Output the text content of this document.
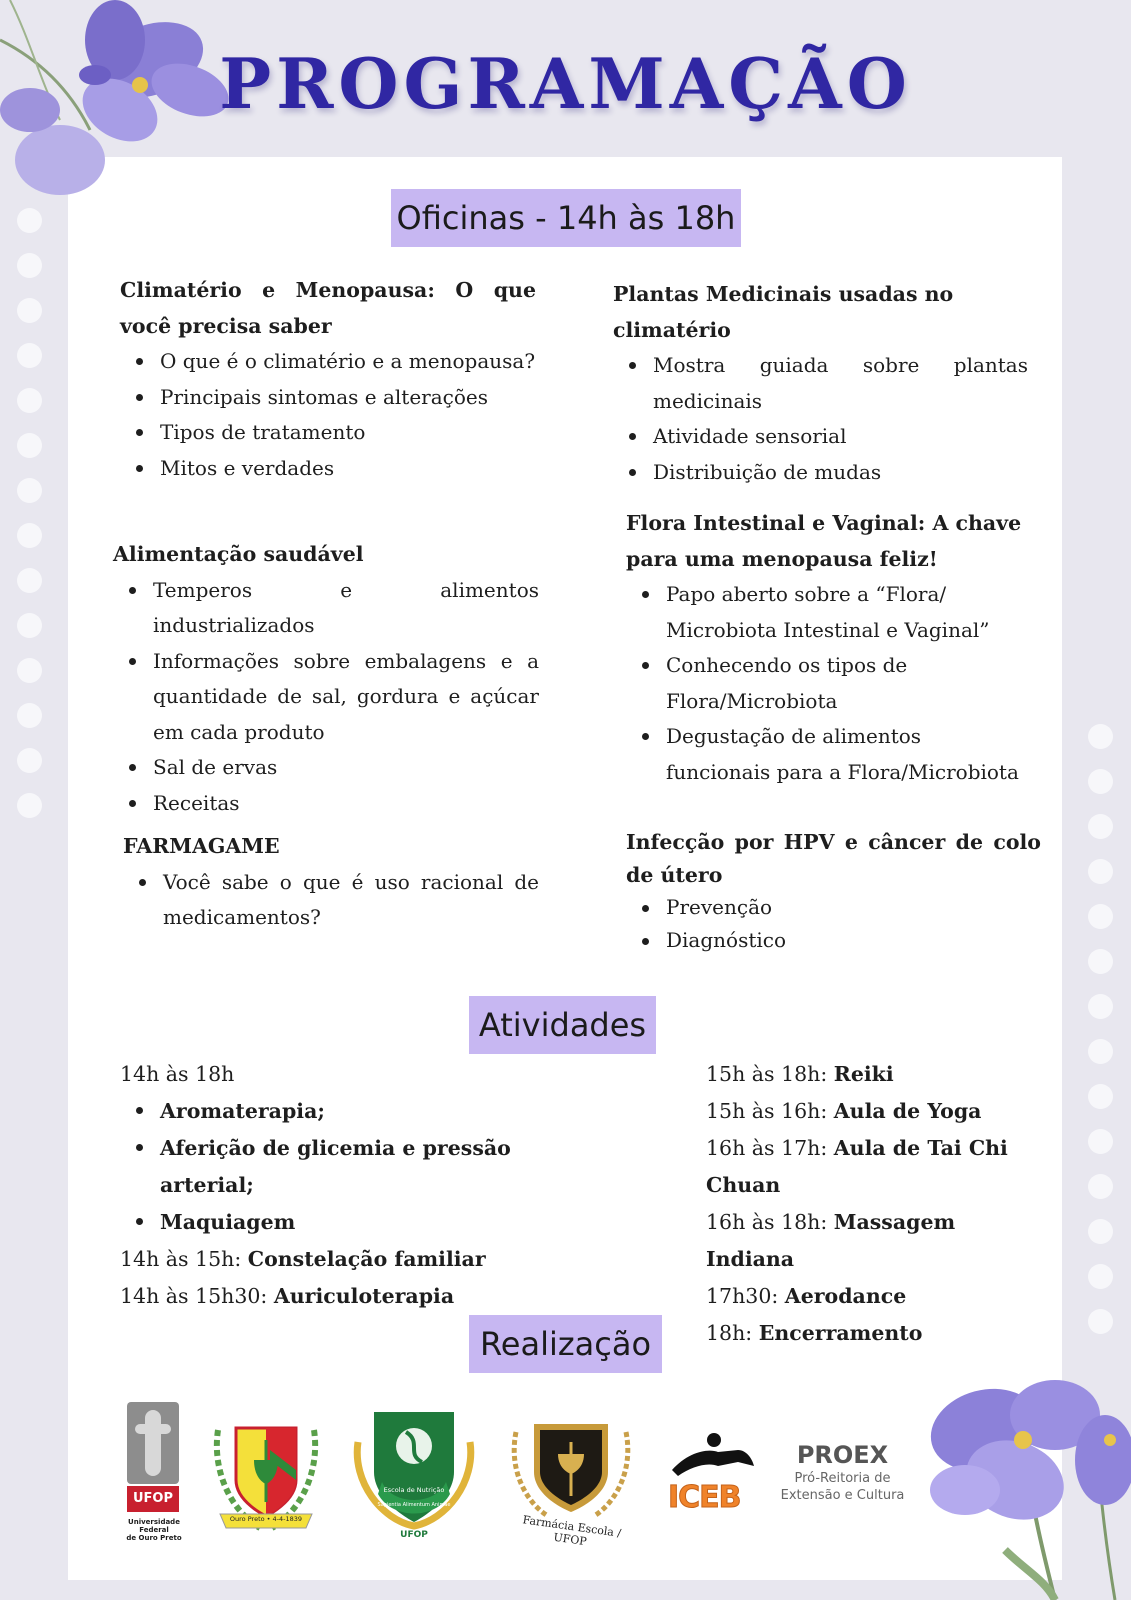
PROGRAMAÇÃO
Oficinas - 14h às 18h
Climatério e Menopausa: O que você precisa saber
O que é o climatério e a menopausa?
Principais sintomas e alterações
Tipos de tratamento
Mitos e verdades
Alimentação saudável
Temperos e alimentos industrializados
Informações sobre embalagens e a quantidade de sal, gordura e açúcar em cada produto
Sal de ervas
Receitas
FARMAGAME
Você sabe o que é uso racional de medicamentos?
Plantas Medicinais usadas no climatério
Mostra guiada sobre plantas medicinais
Atividade sensorial
Distribuição de mudas
Flora Intestinal e Vaginal: A chave para uma menopausa feliz!
Papo aberto sobre a “Flora/ Microbiota Intestinal e Vaginal”
Conhecendo os tipos de Flora/Microbiota
Degustação de alimentos funcionais para a Flora/Microbiota
Infecção por HPV e câncer de colo de útero
Prevenção
Diagnóstico
Atividades
14h às 18h
Aromaterapia;
Aferição de glicemia e pressão arterial;
Maquiagem
14h às 15h: Constelação familiar
14h às 15h30: Auriculoterapia
15h às 18h: Reiki
15h às 16h: Aula de Yoga
16h às 17h: Aula de Tai Chi Chuan
16h às 18h: Massagem Indiana
17h30: Aerodance
18h: Encerramento
Realização
UFOP
Universidade Federal
de Ouro Preto
Ouro Preto • 4-4-1839
Escola de Nutrição
Sapientia Alimentum Animae
UFOP	Farmácia Escola / UFOP
ICEB
PROEX
Pró-Reitoria de
Extensão e Cultura
